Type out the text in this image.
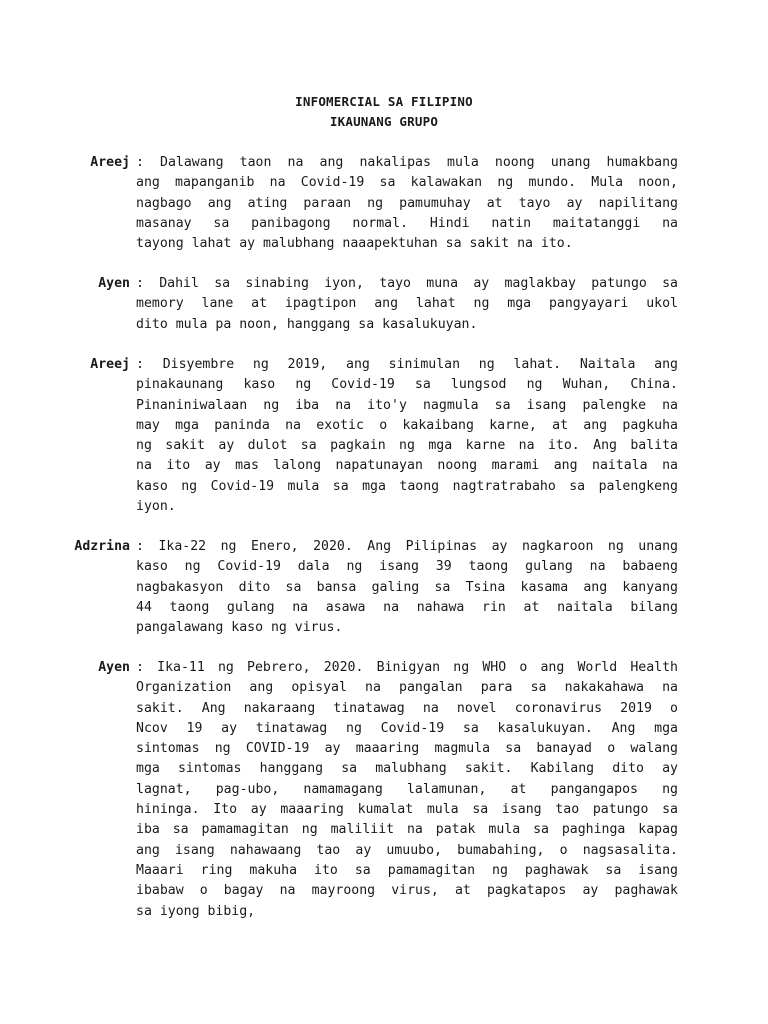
INFOMERCIAL SA FILIPINO
IKAUNANG GRUPO
Areej : Dalawang taon na ang nakalipas mula noong unang humakbang
ang mapanganib na Covid-19 sa kalawakan ng mundo. Mula noon,
nagbago ang ating paraan ng pamumuhay at tayo ay napilitang
masanay sa panibagong normal. Hindi natin maitatanggi na
tayong lahat ay malubhang naaapektuhan sa sakit na ito.
Ayen : Dahil sa sinabing iyon, tayo muna ay maglakbay patungo sa
memory lane at ipagtipon ang lahat ng mga pangyayari ukol
dito mula pa noon, hanggang sa kasalukuyan.
Areej : Disyembre ng 2019, ang sinimulan ng lahat. Naitala ang
pinakaunang kaso ng Covid-19 sa lungsod ng Wuhan, China.
Pinaniniwalaan ng iba na ito'y nagmula sa isang palengke na
may mga paninda na exotic o kakaibang karne, at ang pagkuha
ng sakit ay dulot sa pagkain ng mga karne na ito. Ang balita
na ito ay mas lalong napatunayan noong marami ang naitala na
kaso ng Covid-19 mula sa mga taong nagtratrabaho sa palengkeng
iyon.
Adzrina : Ika-22 ng Enero, 2020. Ang Pilipinas ay nagkaroon ng unang
kaso ng Covid-19 dala ng isang 39 taong gulang na babaeng
nagbakasyon dito sa bansa galing sa Tsina kasama ang kanyang
44 taong gulang na asawa na nahawa rin at naitala bilang
pangalawang kaso ng virus.
Ayen : Ika-11 ng Pebrero, 2020. Binigyan ng WHO o ang World Health
Organization ang opisyal na pangalan para sa nakakahawa na
sakit. Ang nakaraang tinatawag na novel coronavirus 2019 o
Ncov 19 ay tinatawag ng Covid-19 sa kasalukuyan. Ang mga
sintomas ng COVID-19 ay maaaring magmula sa banayad o walang
mga sintomas hanggang sa malubhang sakit. Kabilang dito ay
lagnat, pag-ubo, namamagang lalamunan, at pangangapos ng
hininga. Ito ay maaaring kumalat mula sa isang tao patungo sa
iba sa pamamagitan ng maliliit na patak mula sa paghinga kapag
ang isang nahawaang tao ay umuubo, bumabahing, o nagsasalita.
Maaari ring makuha ito sa pamamagitan ng paghawak sa isang
ibabaw o bagay na mayroong virus, at pagkatapos ay paghawak
sa iyong bibig,
